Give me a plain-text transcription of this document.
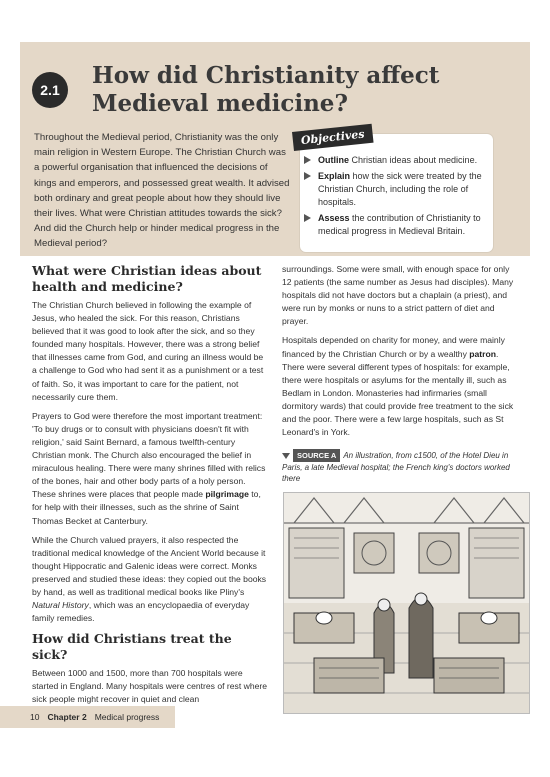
2.1
How did Christianity affect Medieval medicine?
Throughout the Medieval period, Christianity was the only main religion in Western Europe. The Christian Church was a powerful organisation that influenced the decisions of kings and emperors, and possessed great wealth. It advised both ordinary and great people about how they should live their lives. What were Christian attitudes towards the sick? And did the Church help or hinder medical progress in the Medieval period?
Objectives
Outline Christian ideas about medicine.
Explain how the sick were treated by the Christian Church, including the role of hospitals.
Assess the contribution of Christianity to medical progress in Medieval Britain.
What were Christian ideas about health and medicine?

The Christian Church believed in following the example of Jesus, who healed the sick. For this reason, Christians believed that it was good to look after the sick, and so they founded many hospitals. However, there was a strong belief that illnesses came from God, and curing an illness would be a challenge to God who had sent it as a punishment or a test of faith. So, it was important to care for the patient, not necessarily cure them.

Prayers to God were therefore the most important treatment: 'To buy drugs or to consult with physicians doesn't fit with religion,' said Saint Bernard, a famous twelfth-century Christian monk. The Church also encouraged the belief in miraculous healing. There were many shrines filled with relics of the bones, hair and other body parts of a holy person. These shrines were places that people made pilgrimage to, for help with their illnesses, such as the shrine of Saint Thomas Becket at Canterbury.

While the Church valued prayers, it also respected the traditional medical knowledge of the Ancient World because it thought Hippocratic and Galenic ideas were correct. Monks preserved and studied these ideas: they copied out the books by hand, as well as traditional medical books like Pliny's Natural History, which was an encyclopaedia of everyday family remedies.

How did Christians treat the sick?

Between 1000 and 1500, more than 700 hospitals were started in England. Many hospitals were centres of rest where sick people might recover in quiet and clean

surroundings. Some were small, with enough space for only 12 patients (the same number as Jesus had disciples). Many hospitals did not have doctors but a chaplain (a priest), and were run by monks or nuns to a strict pattern of diet and prayer.

Hospitals depended on charity for money, and were mainly financed by the Christian Church or by a wealthy patron. There were several different types of hospitals: for example, there were hospitals or asylums for the mentally ill, such as Bedlam in London. Monasteries had infirmaries (small dormitory wards) that could provide free treatment to the sick and the poor. There were a few large hospitals, such as St Leonard's in York.

SOURCE A An illustration, from c1500, of the Hotel Dieu in Paris, a late Medieval hospital; the French king's doctors worked there
10 Chapter 2 Medical progress
